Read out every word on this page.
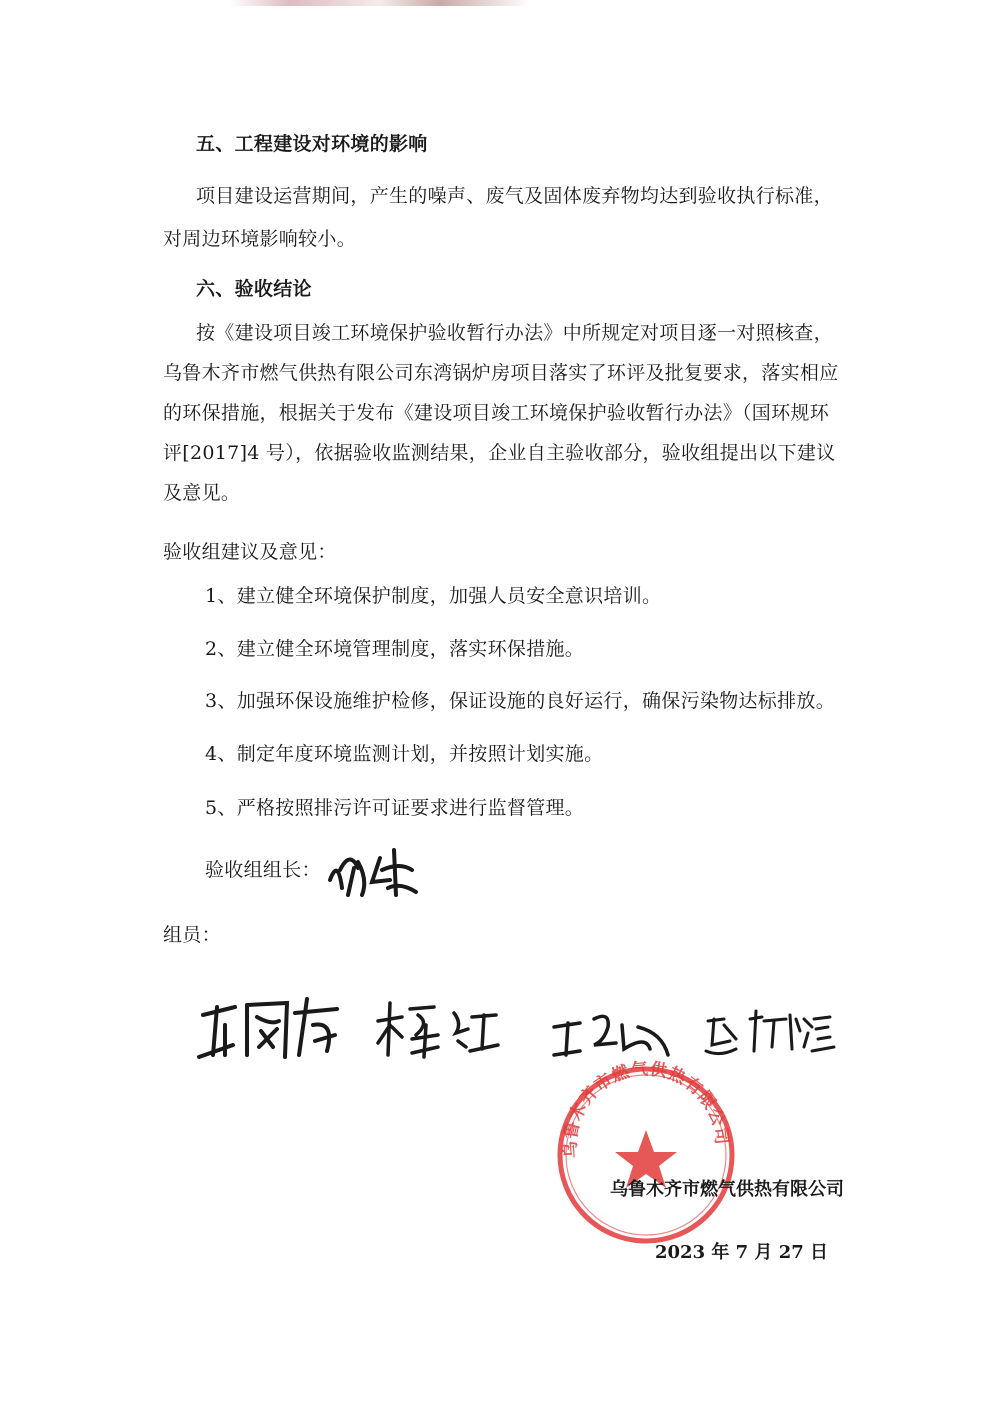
五、工程建设对环境的影响
项目建设运营期间，产生的噪声、废气及固体废弃物均达到验收执行标准，
对周边环境影响较小。
六、验收结论
按《建设项目竣工环境保护验收暂行办法》中所规定对项目逐一对照核查，
乌鲁木齐市燃气供热有限公司东湾锅炉房项目落实了环评及批复要求，落实相应
的环保措施，根据关于发布《建设项目竣工环境保护验收暂行办法》（国环规环
评[2017]4 号），依据验收监测结果，企业自主验收部分，验收组提出以下建议
及意见。
验收组建议及意见：
1、建立健全环境保护制度，加强人员安全意识培训。
2、建立健全环境管理制度，落实环保措施。
3、加强环保设施维护检修，保证设施的良好运行，确保污染物达标排放。
4、制定年度环境监测计划，并按照计划实施。
5、严格按照排污许可证要求进行监督管理。
验收组组长：
组员：
乌鲁木齐市燃气供热有限公司
乌鲁木齐市燃气供热有限公司
2023 年 7 月 27 日
